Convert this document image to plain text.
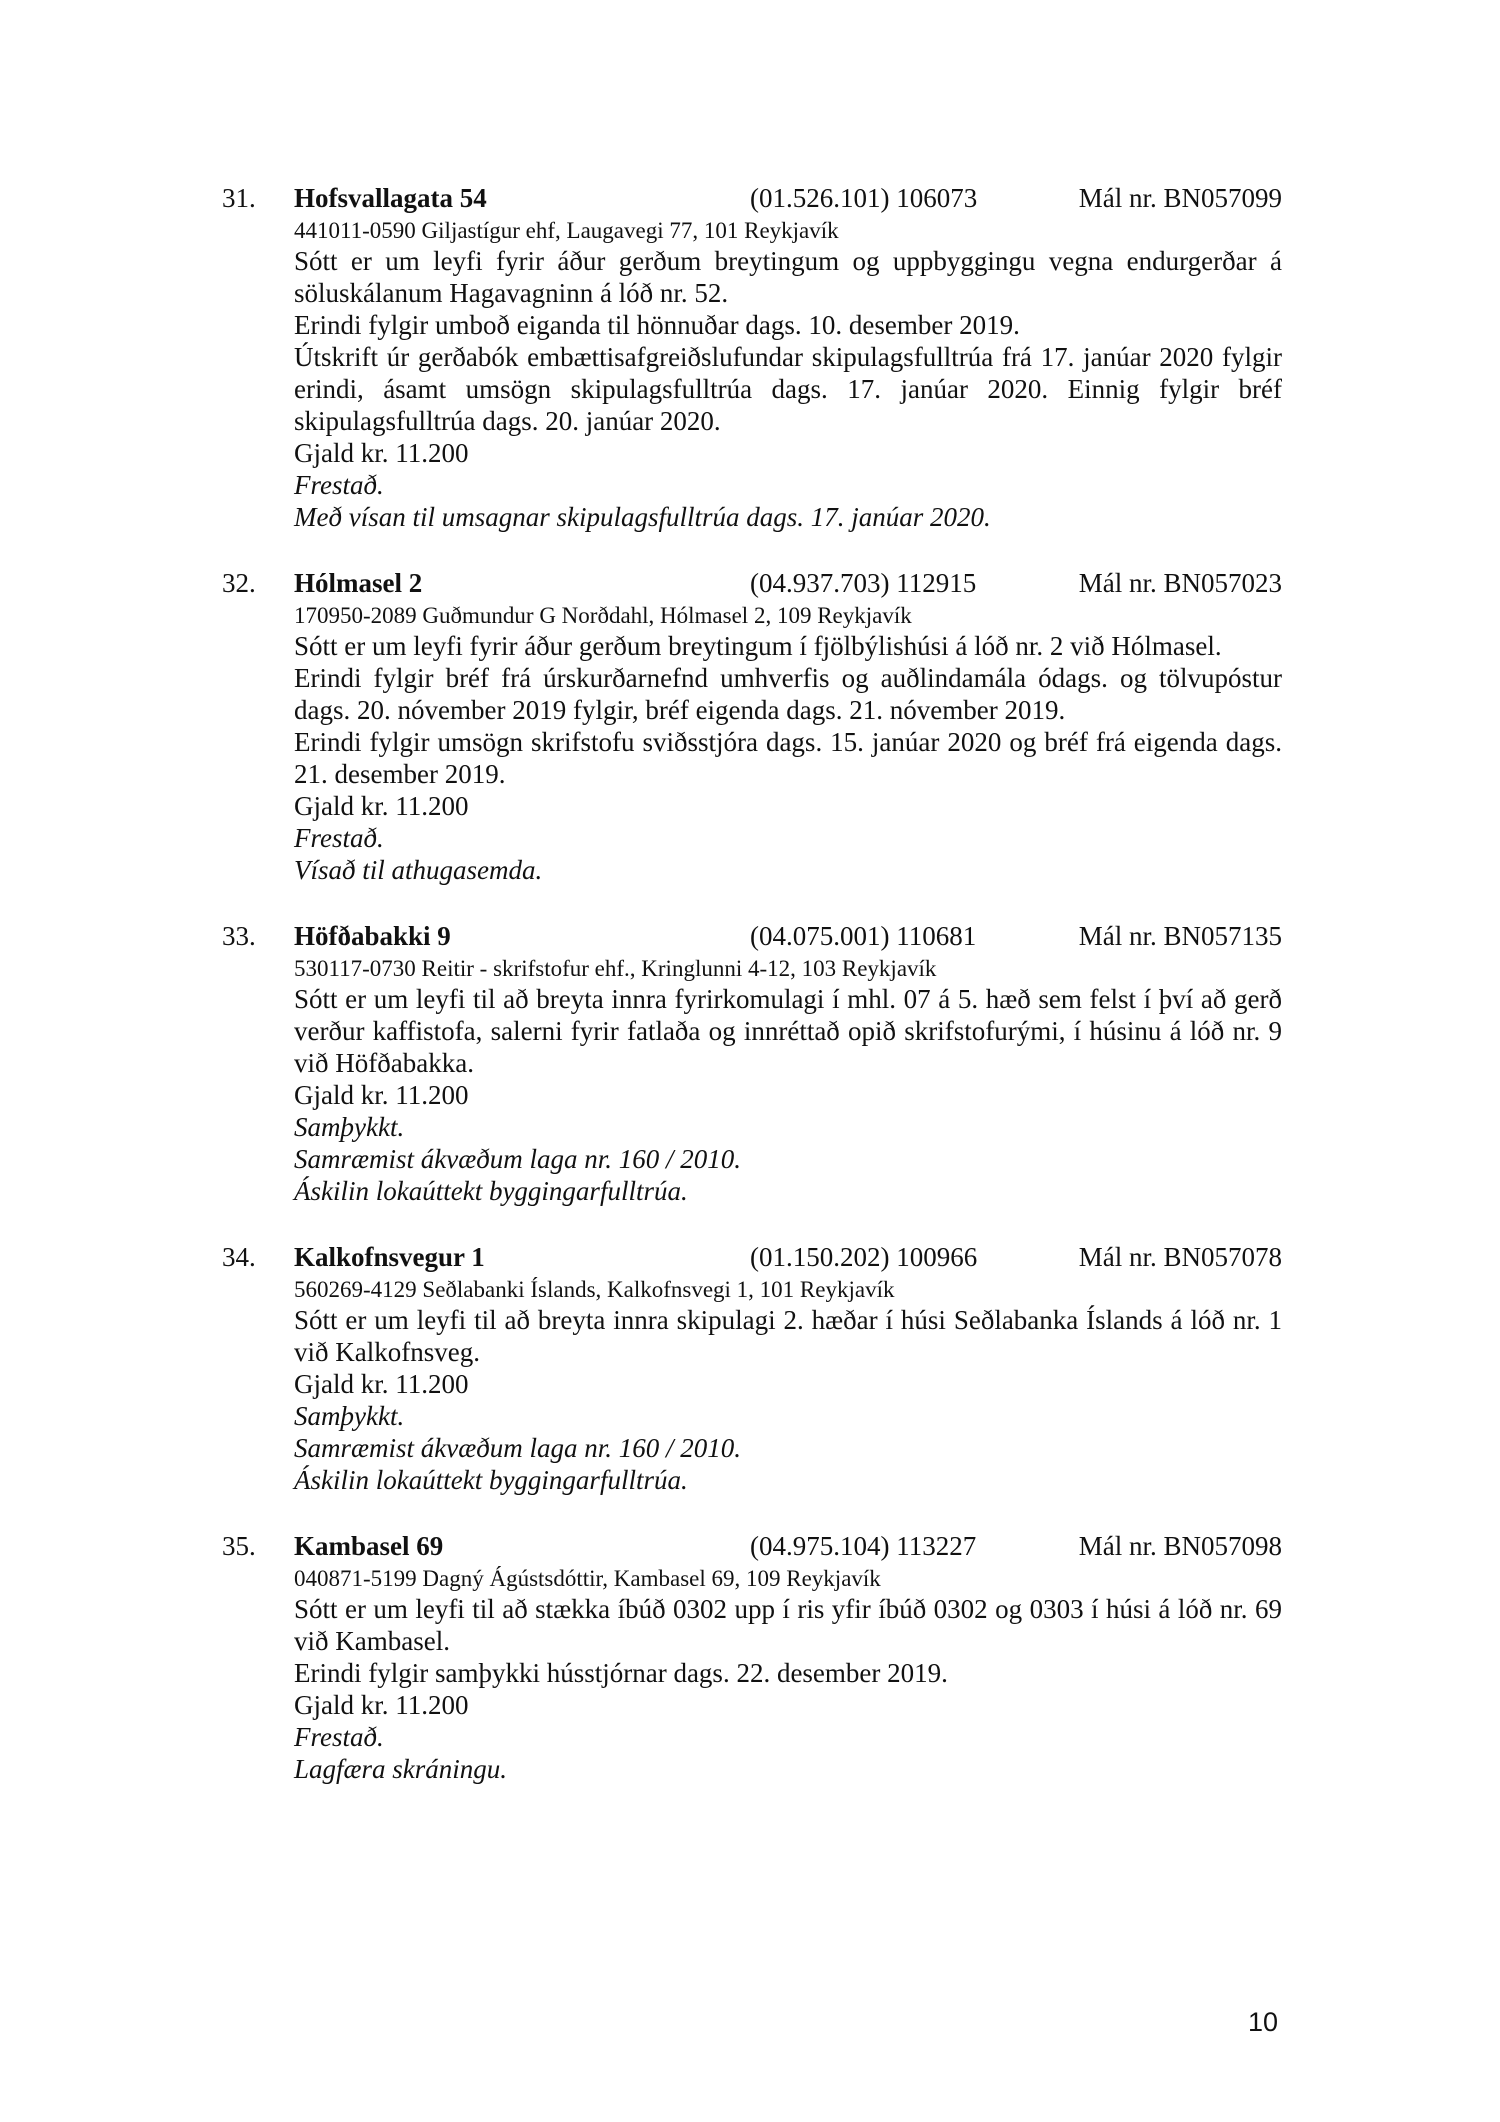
31. Hofsvallagata 54	(01.526.101) 106073	Mál nr. BN057099
441011-0590 Giljastígur ehf, Laugavegi 77, 101 Reykjavík

Sótt er um leyfi fyrir áður gerðum breytingum og uppbyggingu vegna endurgerðar á söluskálanum Hagavagninn á lóð nr. 52.

Erindi fylgir umboð eiganda til hönnuðar dags. 10. desember 2019.

Útskrift úr gerðabók embættisafgreiðslufundar skipulagsfulltrúa frá 17. janúar 2020 fylgir erindi, ásamt umsögn skipulagsfulltrúa dags. 17. janúar 2020. Einnig fylgir bréf skipulagsfulltrúa dags. 20. janúar 2020.

Gjald kr. 11.200
Frestað.
Með vísan til umsagnar skipulagsfulltrúa dags. 17. janúar 2020.
32. Hólmasel 2	(04.937.703) 112915	Mál nr. BN057023
170950-2089 Guðmundur G Norðdahl, Hólmasel 2, 109 Reykjavík

Sótt er um leyfi fyrir áður gerðum breytingum í fjölbýlishúsi á lóð nr. 2 við Hólmasel.

Erindi fylgir bréf frá úrskurðarnefnd umhverfis og auðlindamála ódags. og tölvupóstur dags. 20. nóvember 2019 fylgir, bréf eigenda dags. 21. nóvember 2019.

Erindi fylgir umsögn skrifstofu sviðsstjóra dags. 15. janúar 2020 og bréf frá eigenda dags. 21. desember 2019.

Gjald kr. 11.200
Frestað.
Vísað til athugasemda.
33. Höfðabakki 9	(04.075.001) 110681	Mál nr. BN057135
530117-0730 Reitir - skrifstofur ehf., Kringlunni 4-12, 103 Reykjavík

Sótt er um leyfi til að breyta innra fyrirkomulagi í mhl. 07 á 5. hæð sem felst í því að gerð verður kaffistofa, salerni fyrir fatlaða og innréttað opið skrifstofurými, í húsinu á lóð nr. 9 við Höfðabakka.

Gjald kr. 11.200
Samþykkt.
Samræmist ákvæðum laga nr. 160 / 2010.
Áskilin lokaúttekt byggingarfulltrúa.
34. Kalkofnsvegur 1	(01.150.202) 100966	Mál nr. BN057078
560269-4129 Seðlabanki Íslands, Kalkofnsvegi 1, 101 Reykjavík

Sótt er um leyfi til að breyta innra skipulagi 2. hæðar í húsi Seðlabanka Íslands á lóð nr. 1 við Kalkofnsveg.

Gjald kr. 11.200
Samþykkt.
Samræmist ákvæðum laga nr. 160 / 2010.
Áskilin lokaúttekt byggingarfulltrúa.
35. Kambasel 69	(04.975.104) 113227	Mál nr. BN057098
040871-5199 Dagný Ágústsdóttir, Kambasel 69, 109 Reykjavík

Sótt er um leyfi til að stækka íbúð 0302 upp í ris yfir íbúð 0302 og 0303 í húsi á lóð nr. 69 við Kambasel.

Erindi fylgir samþykki hússtjórnar dags. 22. desember 2019.

Gjald kr. 11.200
Frestað.
Lagfæra skráningu.
10
